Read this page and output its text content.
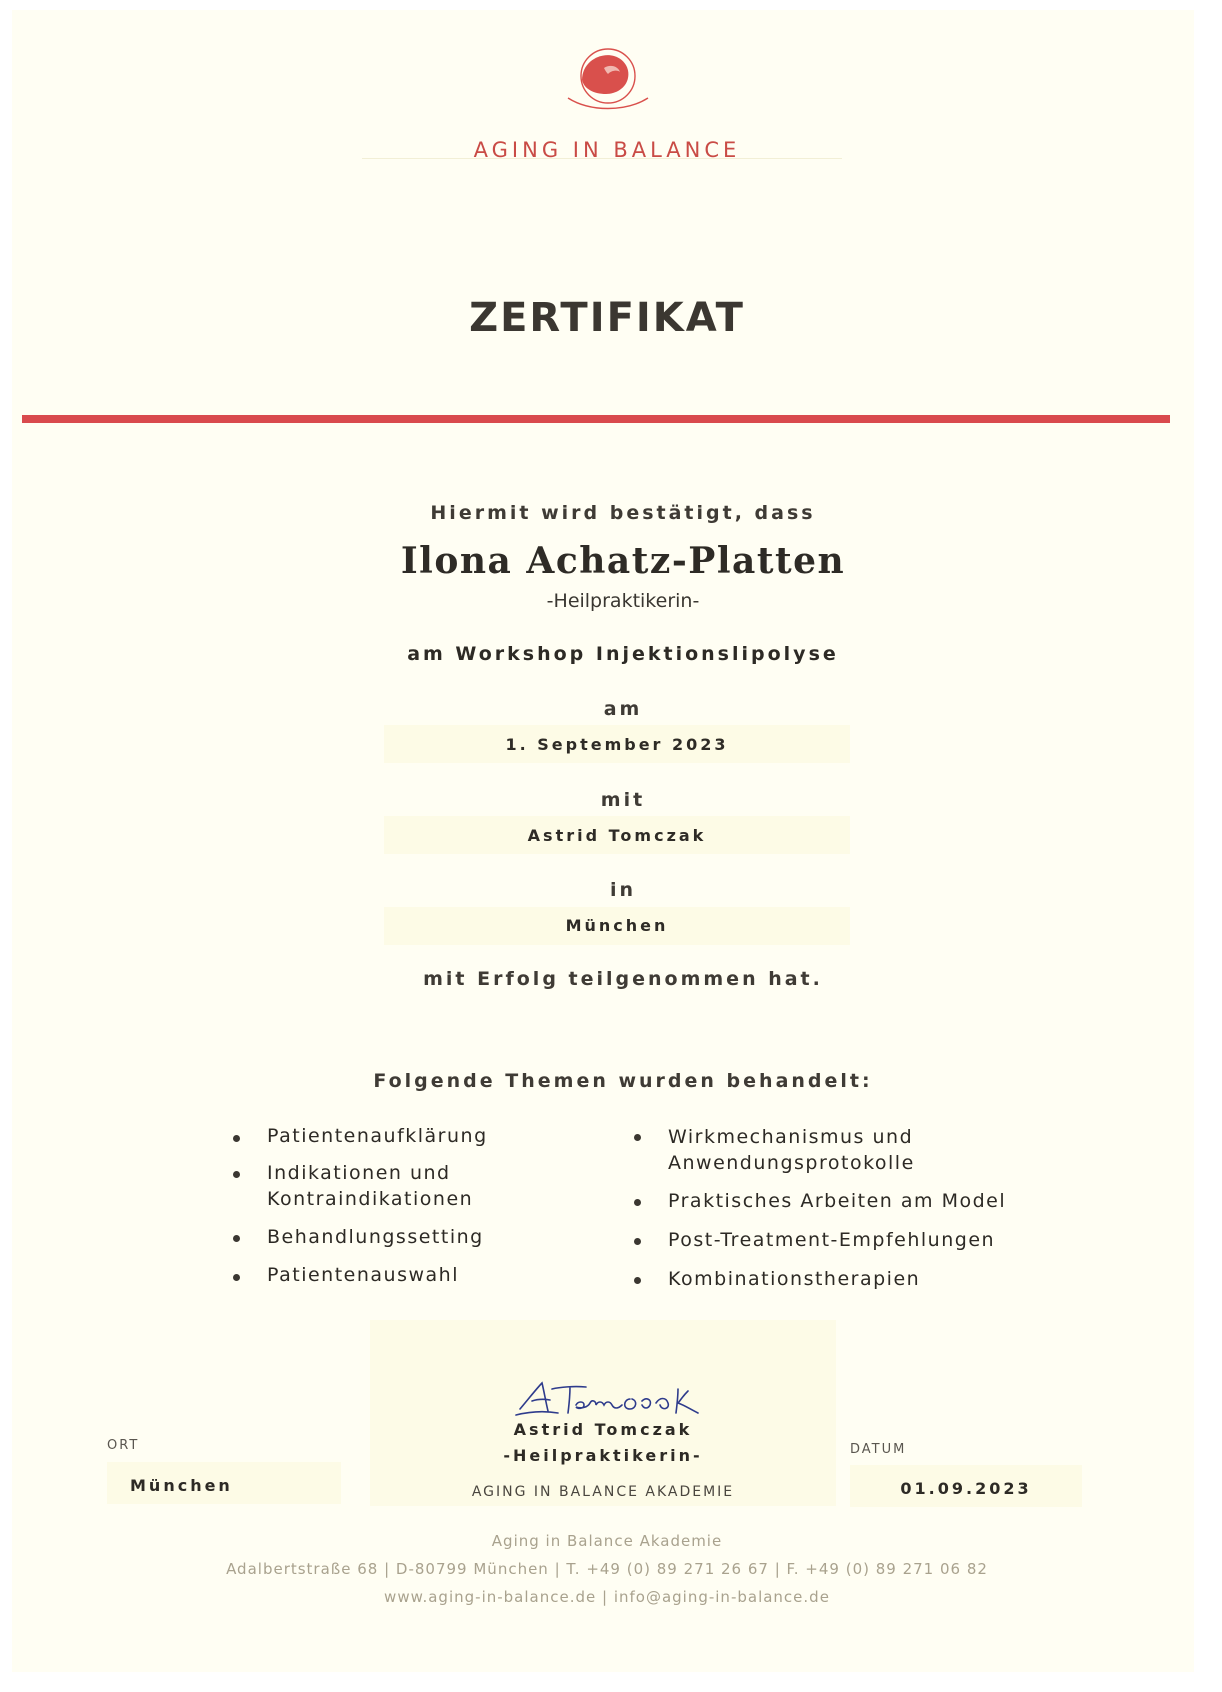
AGING IN BALANCE
ZERTIFIKAT
Hiermit wird bestätigt, dass
Ilona Achatz-Platten
-Heilpraktikerin-
am Workshop Injektionslipolyse
am
1. September 2023
mit
Astrid Tomczak
in
München
mit Erfolg teilgenommen hat.
Folgende Themen wurden behandelt:
Patientenaufklärung
Indikationen und
Kontraindikationen
Behandlungssetting
Patientenauswahl
Wirkmechanismus und
Anwendungsprotokolle
Praktisches Arbeiten am Model
Post-Treatment-Empfehlungen
Kombinationstherapien
Astrid Tomczak
-Heilpraktikerin-
AGING IN BALANCE AKADEMIE
ORT
München
DATUM
01.09.2023
Aging in Balance Akademie
Adalbertstraße 68 | D-80799 München | T. +49 (0) 89 271 26 67 | F. +49 (0) 89 271 06 82
www.aging-in-balance.de | info@aging-in-balance.de
